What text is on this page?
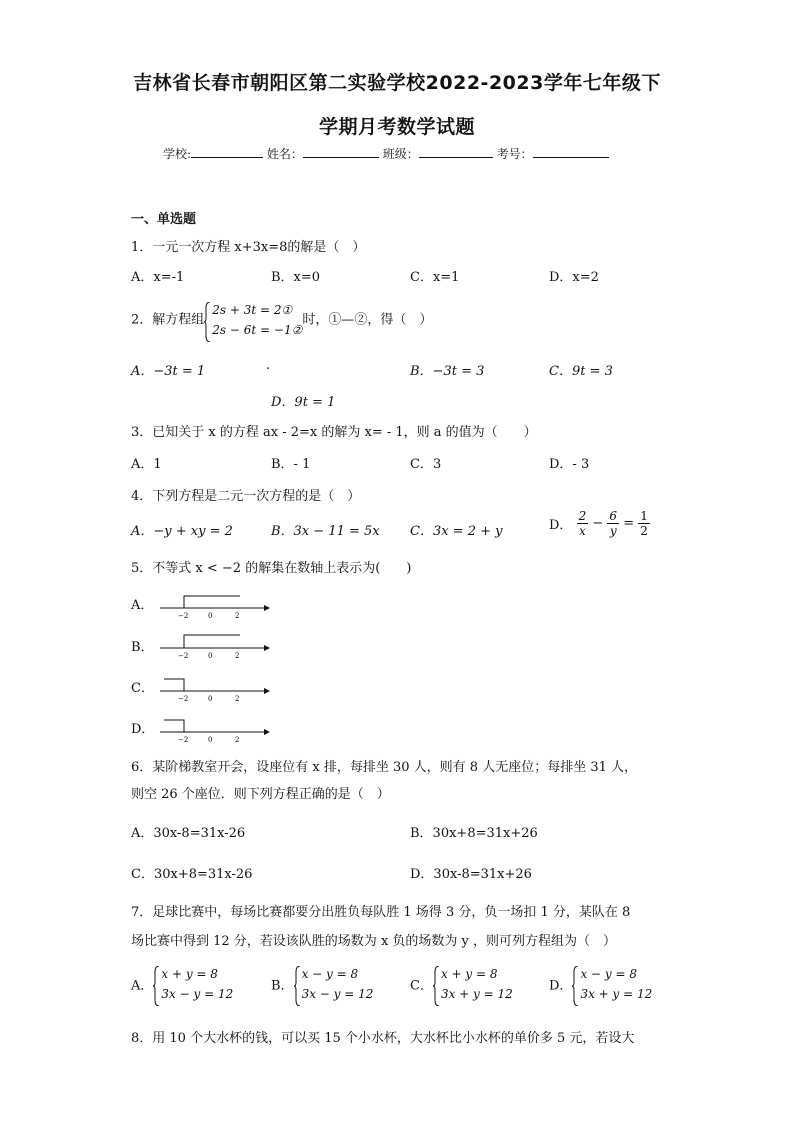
吉林省长春市朝阳区第二实验学校2022-2023学年七年级下
学期月考数学试题
学校:	姓名：	班级：	考号：
一、单选题
1．一元一次方程 x+3x=8的解是（　）
A．x=-1	B．x=0	C．x=1	D．x=2
2．解方程组
2s + 3t = 2①
2s − 6t = −1②
时，①—②，得（　）
A．−3t = 1	.	B．−3t = 3	C．9t = 3
D．9t = 1
3．已知关于 x 的方程 ax - 2=x 的解为 x= - 1，则 a 的值为（　　）
A．1	B．- 1	C．3	D．- 3
4．下列方程是二元一次方程的是（　）
A．−y + xy = 2	B．3x − 11 = 5x C．3x = 2 + y	D． $\frac{2}{x} - \frac{6}{y} = \frac{1}{2}$
5．不等式 x < −2 的解集在数轴上表示为(　　)
A．
−2	0	2
B．
−2	0	2
C．
−2	0	2
D．
−2	0	2
6．某阶梯教室开会，设座位有 x 排，每排坐 30 人，则有 8 人无座位；每排坐 31 人，
则空 26 个座位．则下列方程正确的是（　）
A．30x-8=31x-26	B．30x+8=31x+26
C．30x+8=31x-26	D．30x-8=31x+26
7．足球比赛中，每场比赛都要分出胜负每队胜 1 场得 3 分，负一场扣 1 分，某队在 8
场比赛中得到 12 分，若设该队胜的场数为 x 负的场数为 y ，则可列方程组为（　）
A．
x + y = 8
3x − y = 12
B．
x − y = 8
3x − y = 12
C．
x + y = 8
3x + y = 12
D．
x − y = 8
3x + y = 12
8．用 10 个大水杯的钱，可以买 15 个小水杯，大水杯比小水杯的单价多 5 元，若设大
